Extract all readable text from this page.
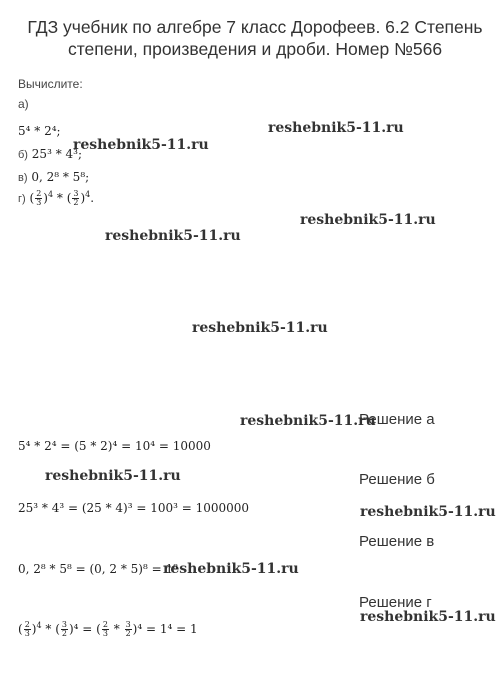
ГДЗ учебник по алгебре 7 класс Дорофеев. 6.2 Степень степени, произведения и дроби. Номер №566
Вычислите:
а)
5⁴ * 2⁴;
б) 25³ * 4³;
в) 0, 2⁸ * 5⁸;
г) ( $\frac{2}{3} )^4$ * ( $\frac{3}{2} )^4$.
reshebnik5-11.ru
reshebnik5-11.ru
reshebnik5-11.ru
reshebnik5-11.ru
reshebnik5-11.ru
reshebnik5-11.ru
reshebnik5-11.ru
reshebnik5-11.ru
reshebnik5-11.ru
reshebnik5-11.ru
Решение а
5⁴ * 2⁴ = (5 * 2)⁴ = 10⁴ = 10000
Решение б
25³ * 4³ = (25 * 4)³ = 100³ = 1000000
Решение в
0, 2⁸ * 5⁸ = (0, 2 * 5)⁸ = 1⁸
Решение г
( $\frac{2}{3} )^4$ * ( $\frac{3}{2} )^4$ = ( $\frac{2}{3} * \frac{3}{2} )^4 = 1^4 = 1$
